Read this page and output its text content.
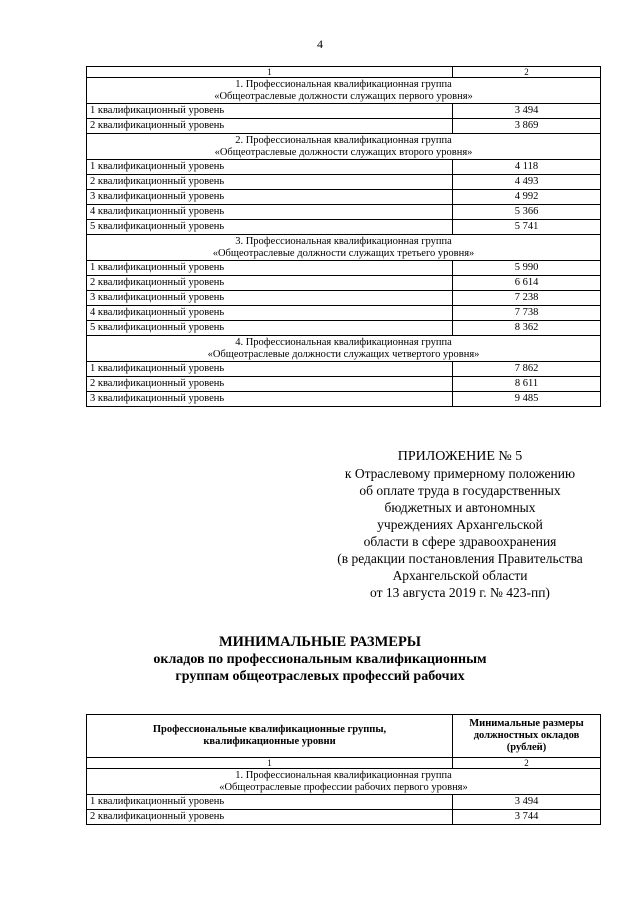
4
1	2

1. Профессиональная квалификационная группа
«Общеотраслевые должности служащих первого уровня»	

1 квалификационный уровень	3 494
2 квалификационный уровень	3 869

2. Профессиональная квалификационная группа
«Общеотраслевые должности служащих второго уровня»	

1 квалификационный уровень	4 118
2 квалификационный уровень	4 493
3 квалификационный уровень	4 992
4 квалификационный уровень	5 366
5 квалификационный уровень	5 741

3. Профессиональная квалификационная группа
«Общеотраслевые должности служащих третьего уровня»	

1 квалификационный уровень	5 990
2 квалификационный уровень	6 614
3 квалификационный уровень	7 238
4 квалификационный уровень	7 738
5 квалификационный уровень	8 362

4. Профессиональная квалификационная группа
«Общеотраслевые должности служащих четвертого уровня»	

1 квалификационный уровень	7 862
2 квалификационный уровень	8 611
3 квалификационный уровень	9 485
ПРИЛОЖЕНИЕ № 5
к Отраслевому примерному положению
об оплате труда в государственных
бюджетных и автономных
учреждениях Архангельской
области в сфере здравоохранения
(в редакции постановления Правительства
Архангельской области
от 13 августа 2019 г. № 423-пп)
МИНИМАЛЬНЫЕ РАЗМЕРЫ
окладов по профессиональным квалификационным
группам общеотраслевых профессий рабочих
Профессиональные квалификационные группы,
квалификационные уровни	Минимальные размеры
должностных окладов
(рублей)
1	2

1. Профессиональная квалификационная группа
«Общеотраслевые профессии рабочих первого уровня»	

1 квалификационный уровень	3 494
2 квалификационный уровень	3 744
